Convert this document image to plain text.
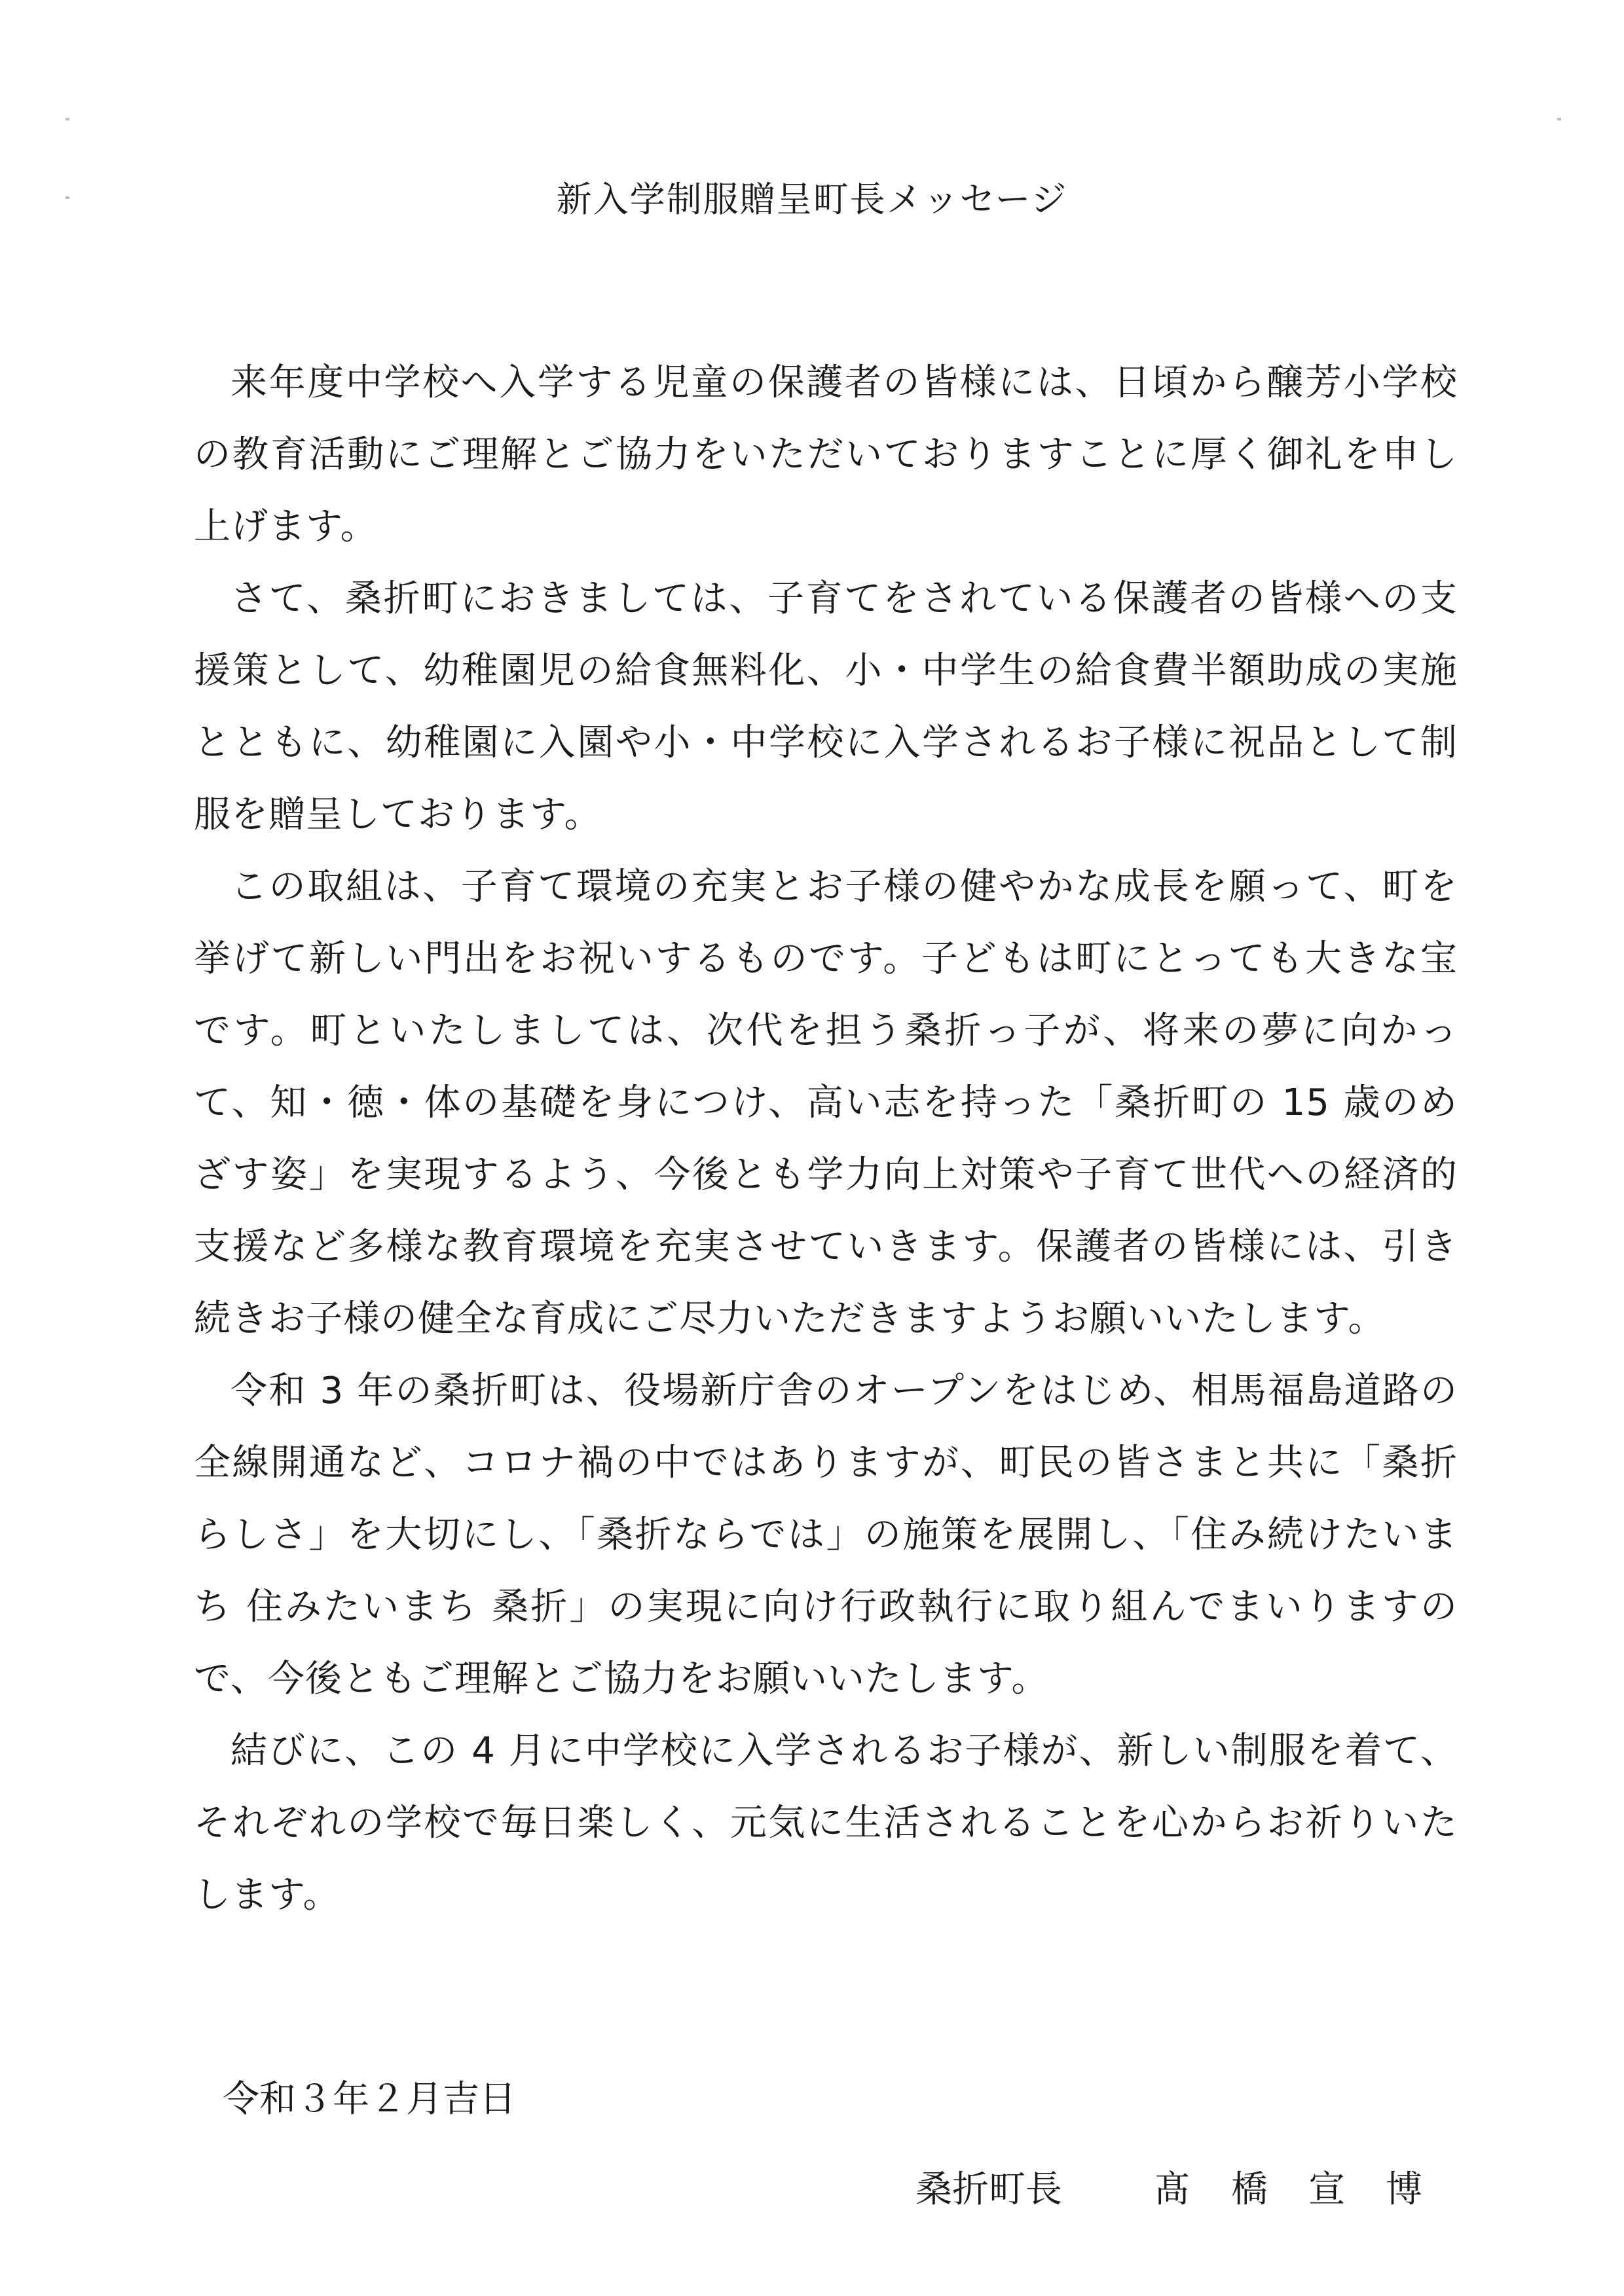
新入学制服贈呈町長メッセージ

来年度中学校へ入学する児童の保護者の皆様には、日頃から醸芳小学校の教育活動にご理解とご協力をいただいておりますことに厚く御礼を申し上げます。

さて、桑折町におきましては、子育てをされている保護者の皆様への支援策として、幼稚園児の給食無料化、小・中学生の給食費半額助成の実施とともに、幼稚園に入園や小・中学校に入学されるお子様に祝品として制服を贈呈しております。

この取組は、子育て環境の充実とお子様の健やかな成長を願って、町を挙げて新しい門出をお祝いするものです。子どもは町にとっても大きな宝です。町といたしましては、次代を担う桑折っ子が、将来の夢に向かって、知・徳・体の基礎を身につけ、高い志を持った「桑折町の 15 歳のめざす姿」を実現するよう、今後とも学力向上対策や子育て世代への経済的支援など多様な教育環境を充実させていきます。保護者の皆様には、引き続きお子様の健全な育成にご尽力いただきますようお願いいたします。

令和 3 年の桑折町は、役場新庁舎のオープンをはじめ、相馬福島道路の全線開通など、コロナ禍の中ではありますが、町民の皆さまと共に「桑折らしさ」を大切にし、「桑折ならでは」の施策を展開し、「住み続けたいまち 住みたいまち 桑折」の実現に向け行政執行に取り組んでまいりますので、今後ともご理解とご協力をお願いいたします。

結びに、この 4 月に中学校に入学されるお子様が、新しい制服を着て、それぞれの学校で毎日楽しく、元気に生活されることを心からお祈りいたします。

令和３年２月吉日

桑折町長	髙橋宣博
